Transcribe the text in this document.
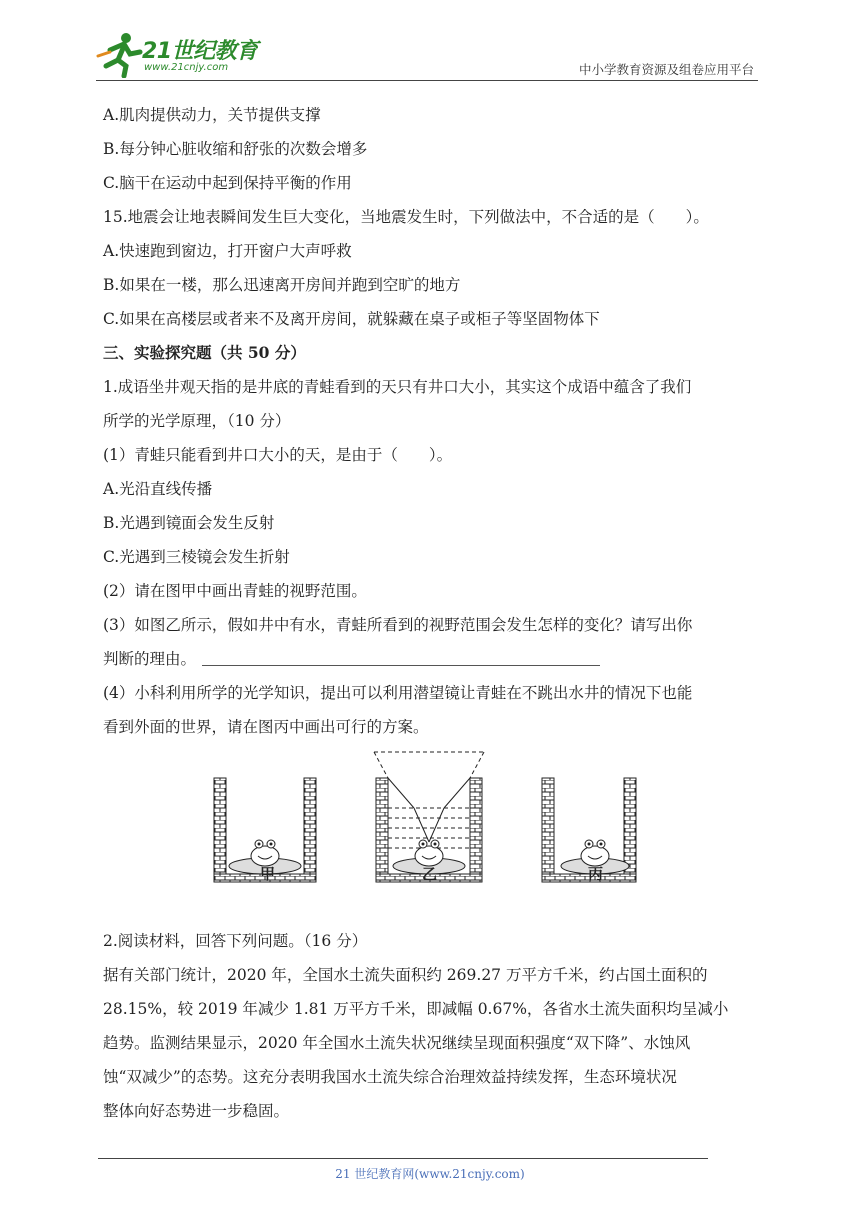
21世纪教育
www.21cnjy.com	中小学教育资源及组卷应用平台
A.肌肉提供动力，关节提供支撑
B.每分钟心脏收缩和舒张的次数会增多
C.脑干在运动中起到保持平衡的作用
15.地震会让地表瞬间发生巨大变化，当地震发生时，下列做法中，不合适的是（　　）。
A.快速跑到窗边，打开窗户大声呼救
B.如果在一楼，那么迅速离开房间并跑到空旷的地方
C.如果在高楼层或者来不及离开房间，就躲藏在桌子或柜子等坚固物体下
三、实验探究题（共 50 分）
1.成语坐井观天指的是井底的青蛙看到的天只有井口大小，其实这个成语中蕴含了我们
所学的光学原理，（10 分）
(1）青蛙只能看到井口大小的天，是由于（　　）。
A.光沿直线传播
B.光遇到镜面会发生反射
C.光遇到三棱镜会发生折射
(2）请在图甲中画出青蛙的视野范围。
(3）如图乙所示，假如井中有水，青蛙所看到的视野范围会发生怎样的变化？请写出你
判断的理由。
(4）小科利用所学的光学知识，提出可以利用潜望镜让青蛙在不跳出水井的情况下也能
看到外面的世界，请在图丙中画出可行的方案。
甲	乙	丙
2.阅读材料，回答下列问题。（16 分）
据有关部门统计，2020 年，全国水土流失面积约 269.27 万平方千米，约占国土面积的
28.15%，较 2019 年减少 1.81 万平方千米，即减幅 0.67%，各省水土流失面积均呈减小
趋势。监测结果显示，2020 年全国水土流失状况继续呈现面积强度“双下降”、水蚀风
蚀“双减少”的态势。这充分表明我国水土流失综合治理效益持续发挥，生态环境状况
整体向好态势进一步稳固。
21 世纪教育网(www.21cnjy.com)
